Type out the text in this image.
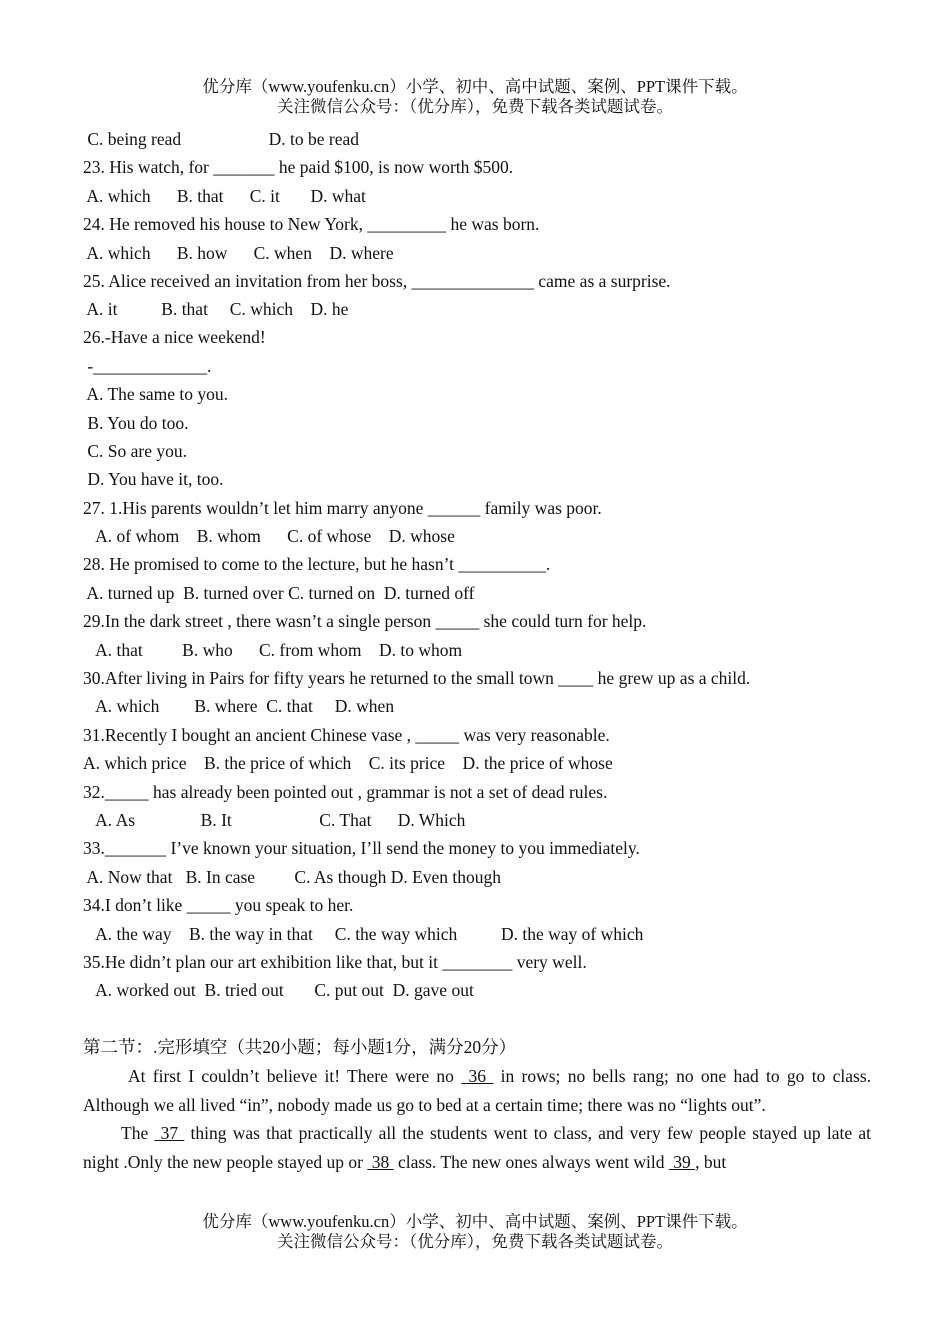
优分库（www.youfenku.cn）小学、初中、高中试题、案例、PPT课件下载。
关注微信公众号：（优分库），免费下载各类试题试卷。
C. being read                    D. to be read
23. His watch, for _______ he paid $100, is now worth $500.
A. which      B. that      C. it       D. what
24. He removed his house to New York, _________ he was born.
A. which      B. how      C. when    D. where
25. Alice received an invitation from her boss, ______________ came as a surprise.
A. it          B. that     C. which    D. he
26.-Have a nice weekend!
-_____________.
A. The same to you.
B. You do too.
C. So are you.
D. You have it, too.
27. 1.His parents wouldn’t let him marry anyone ______ family was poor.
A. of whom    B. whom      C. of whose    D. whose
28. He promised to come to the lecture, but he hasn’t __________.
A. turned up  B. turned over C. turned on  D. turned off
29.In the dark street , there wasn’t a single person _____ she could turn for help.
A. that         B. who      C. from whom    D. to whom
30.After living in Pairs for fifty years he returned to the small town ____ he grew up as a child.
A. which        B. where  C. that     D. when
31.Recently I bought an ancient Chinese vase , _____ was very reasonable.
A. which price    B. the price of which    C. its price    D. the price of whose
32._____ has already been pointed out , grammar is not a set of dead rules.
A. As               B. It                    C. That      D. Which
33._______ I’ve known your situation, I’ll send the money to you immediately.
A. Now that   B. In case         C. As though D. Even though
34.I don’t like _____ you speak to her.
A. the way    B. the way in that     C. the way which          D. the way of which
35.He didn’t plan our art exhibition like that, but it ________ very well.
A. worked out  B. tried out       C. put out  D. gave out
第二节：.完形填空（共20小题；每小题1分，满分20分）

At first I couldn’t believe it! There were no  36  in rows; no bells rang; no one had to go to class. Although we all lived “in”, nobody made us go to bed at a certain time; there was no “lights out”.

The  37  thing was that practically all the students went to class, and very few people stayed up late at night .Only the new people stayed up or  38  class. The new ones always went wild  39 , but

优分库（www.youfenku.cn）小学、初中、高中试题、案例、PPT课件下载。
关注微信公众号：（优分库），免费下载各类试题试卷。
